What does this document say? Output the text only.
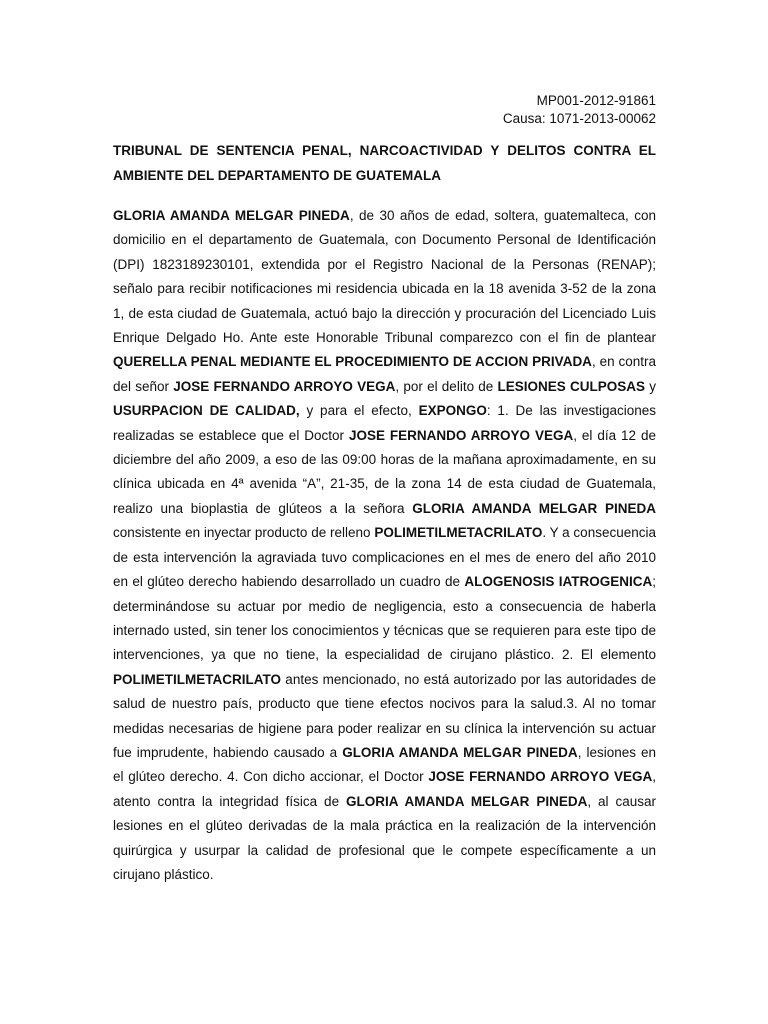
MP001-2012-91861
Causa: 1071-2013-00062
TRIBUNAL DE SENTENCIA PENAL, NARCOACTIVIDAD Y DELITOS CONTRA EL AMBIENTE DEL DEPARTAMENTO DE GUATEMALA
GLORIA AMANDA MELGAR PINEDA, de 30 años de edad, soltera, guatemalteca, con domicilio en el departamento de Guatemala, con Documento Personal de Identificación (DPI) 1823189230101, extendida por el Registro Nacional de la Personas (RENAP); señalo para recibir notificaciones mi residencia ubicada en la 18 avenida 3-52 de la zona 1, de esta ciudad de Guatemala, actuó bajo la dirección y procuración del Licenciado Luis Enrique Delgado Ho. Ante este Honorable Tribunal comparezco con el fin de plantear QUERELLA PENAL MEDIANTE EL PROCEDIMIENTO DE ACCION PRIVADA, en contra del señor JOSE FERNANDO ARROYO VEGA, por el delito de LESIONES CULPOSAS y USURPACION DE CALIDAD, y para el efecto, EXPONGO: 1. De las investigaciones realizadas se establece que el Doctor JOSE FERNANDO ARROYO VEGA, el día 12 de diciembre del año 2009, a eso de las 09:00 horas de la mañana aproximadamente, en su clínica ubicada en 4ª avenida “A”, 21-35, de la zona 14 de esta ciudad de Guatemala, realizo una bioplastia de glúteos a la señora GLORIA AMANDA MELGAR PINEDA consistente en inyectar producto de relleno POLIMETILMETACRILATO. Y a consecuencia de esta intervención la agraviada tuvo complicaciones en el mes de enero del año 2010 en el glúteo derecho habiendo desarrollado un cuadro de ALOGENOSIS IATROGENICA; determinándose su actuar por medio de negligencia, esto a consecuencia de haberla internado usted, sin tener los conocimientos y técnicas que se requieren para este tipo de intervenciones, ya que no tiene, la especialidad de cirujano plástico. 2. El elemento POLIMETILMETACRILATO antes mencionado, no está autorizado por las autoridades de salud de nuestro país, producto que tiene efectos nocivos para la salud.3. Al no tomar medidas necesarias de higiene para poder realizar en su clínica la intervención su actuar fue imprudente, habiendo causado a GLORIA AMANDA MELGAR PINEDA, lesiones en el glúteo derecho. 4. Con dicho accionar, el Doctor JOSE FERNANDO ARROYO VEGA, atento contra la integridad física de GLORIA AMANDA MELGAR PINEDA, al causar lesiones en el glúteo derivadas de la mala práctica en la realización de la intervención quirúrgica y usurpar la calidad de profesional que le compete específicamente a un cirujano plástico.
